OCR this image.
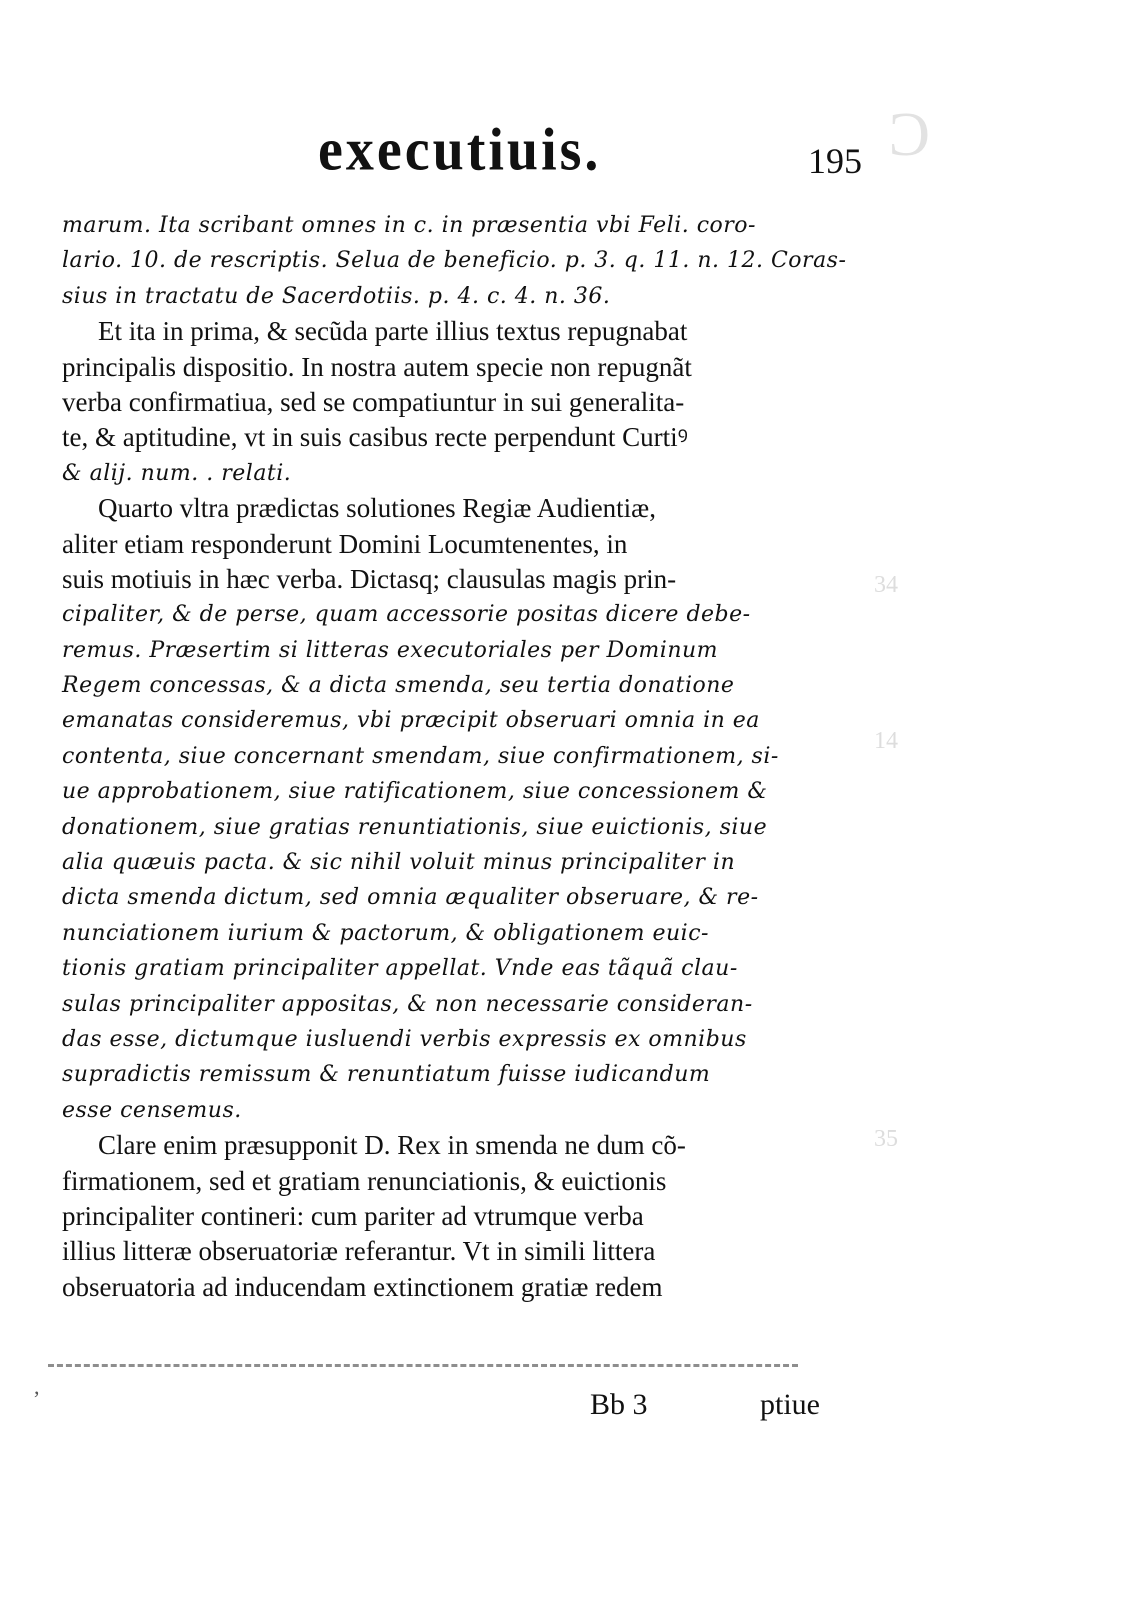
C
34
14
35
executiuis.	195
marum. Ita scribant omnes in c. in præsentia vbi Feli. coro-
lario. 10. de rescriptis. Selua de beneficio. p. 3. q. 11. n. 12. Coras-
sius in tractatu de Sacerdotiis. p. 4. c. 4. n. 36.
Et ita in prima, & secũda parte illius textus repugnabat
principalis dispositio. In nostra autem specie non repugnãt
verba confirmatiua, sed se compatiuntur in sui generalita-
te, & aptitudine, vt in suis casibus recte perpendunt Curtiꝰ
& alij. num. . relati.
Quarto vltra prædictas solutiones Regiæ Audientiæ,
aliter etiam responderunt Domini Locumtenentes, in
suis motiuis in hæc verba. Dictasq; clausulas magis prin-
cipaliter, & de perse, quam accessorie positas dicere debe-
remus. Præsertim si litteras executoriales per Dominum
Regem concessas, & a dicta smenda, seu tertia donatione
emanatas consideremus, vbi præcipit obseruari omnia in ea
contenta, siue concernant smendam, siue confirmationem, si-
ue approbationem, siue ratificationem, siue concessionem &
donationem, siue gratias renuntiationis, siue euictionis, siue
alia quæuis pacta. & sic nihil voluit minus principaliter in
dicta smenda dictum, sed omnia æqualiter obseruare, & re-
nunciationem iurium & pactorum, & obligationem euic-
tionis gratiam principaliter appellat. Vnde eas tãquã clau-
sulas principaliter appositas, & non necessarie consideran-
das esse, dictumque iusluendi verbis expressis ex omnibus
supradictis remissum & renuntiatum fuisse iudicandum
esse censemus.
Clare enim præsupponit D. Rex in smenda ne dum cõ-
firmationem, sed et gratiam renunciationis, & euictionis
principaliter contineri: cum pariter ad vtrumque verba
illius litteræ obseruatoriæ referantur. Vt in simili littera
obseruatoria ad inducendam extinctionem gratiæ redem
,
Bb 3	ptiue
